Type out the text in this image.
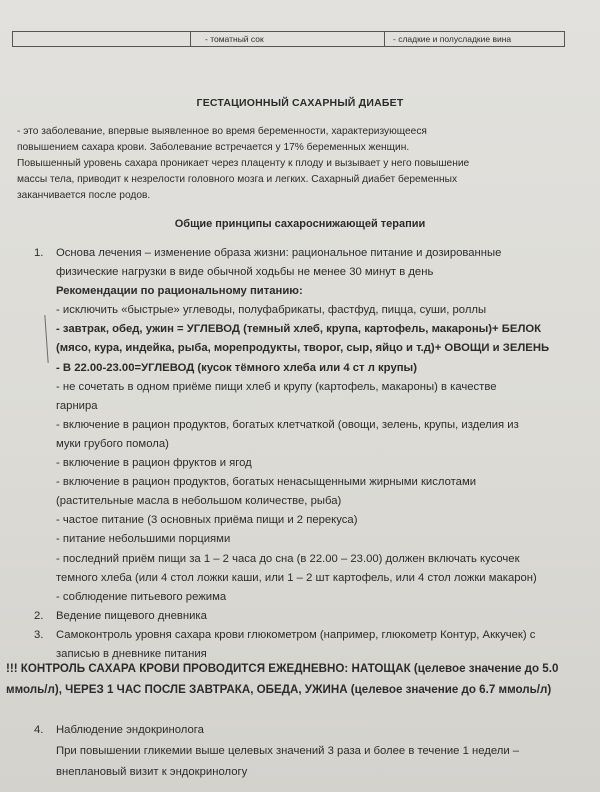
- томатный сок	- сладкие и полусладкие вина
ГЕСТАЦИОННЫЙ САХАРНЫЙ ДИАБЕТ

- это заболевание, впервые выявленное во время беременности, характеризующееся

повышением сахара крови. Заболевание встречается у 17% беременных женщин.

Повышенный уровень сахара проникает через плаценту к плоду и вызывает у него повышение

массы тела, приводит к незрелости головного мозга и легких. Сахарный диабет беременных

заканчивается после родов.

Общие принципы сахароснижающей терапии
1. Основа лечения – изменение образа жизни: рациональное питание и дозированные
физические нагрузки в виде обычной ходьбы не менее 30 минут в день
Рекомендации по рациональному питанию:
- исключить «быстрые» углеводы, полуфабрикаты, фастфуд, пицца, суши, роллы
- завтрак, обед, ужин = УГЛЕВОД (темный хлеб, крупа, картофель, макароны)+ БЕЛОК
(мясо, кура, индейка, рыба, морепродукты, творог, сыр, яйцо и т.д)+ ОВОЩИ и ЗЕЛЕНЬ
- В 22.00-23.00=УГЛЕВОД (кусок тёмного хлеба или 4 ст л крупы)
- не сочетать в одном приёме пищи хлеб и крупу (картофель, макароны) в качестве
гарнира
- включение в рацион продуктов, богатых клетчаткой (овощи, зелень, крупы, изделия из
муки грубого помола)
- включение в рацион фруктов и ягод
- включение в рацион продуктов, богатых ненасыщенными жирными кислотами
(растительные масла в небольшом количестве, рыба)
- частое питание (3 основных приёма пищи и 2 перекуса)
- питание небольшими порциями
- последний приём пищи за 1 – 2 часа до сна (в 22.00 – 23.00) должен включать кусочек
темного хлеба (или 4 стол ложки каши, или 1 – 2 шт картофель, или 4 стол ложки макарон)
- соблюдение питьевого режима
2. Ведение пищевого дневника
3. Самоконтроль уровня сахара крови глюкометром (например, глюкометр Контур, Аккучек) с
записью в дневнике питания
!!! КОНТРОЛЬ САХАРА КРОВИ ПРОВОДИТСЯ ЕЖЕДНЕВНО: НАТОЩАК (целевое значение до 5.0
ммоль/л), ЧЕРЕЗ 1 ЧАС ПОСЛЕ ЗАВТРАКА, ОБЕДА, УЖИНА (целевое значение до 6.7 ммоль/л)
4. Наблюдение эндокринолога
При повышении гликемии выше целевых значений 3 раза и более в течение 1 недели –
внеплановый визит к эндокринологу
